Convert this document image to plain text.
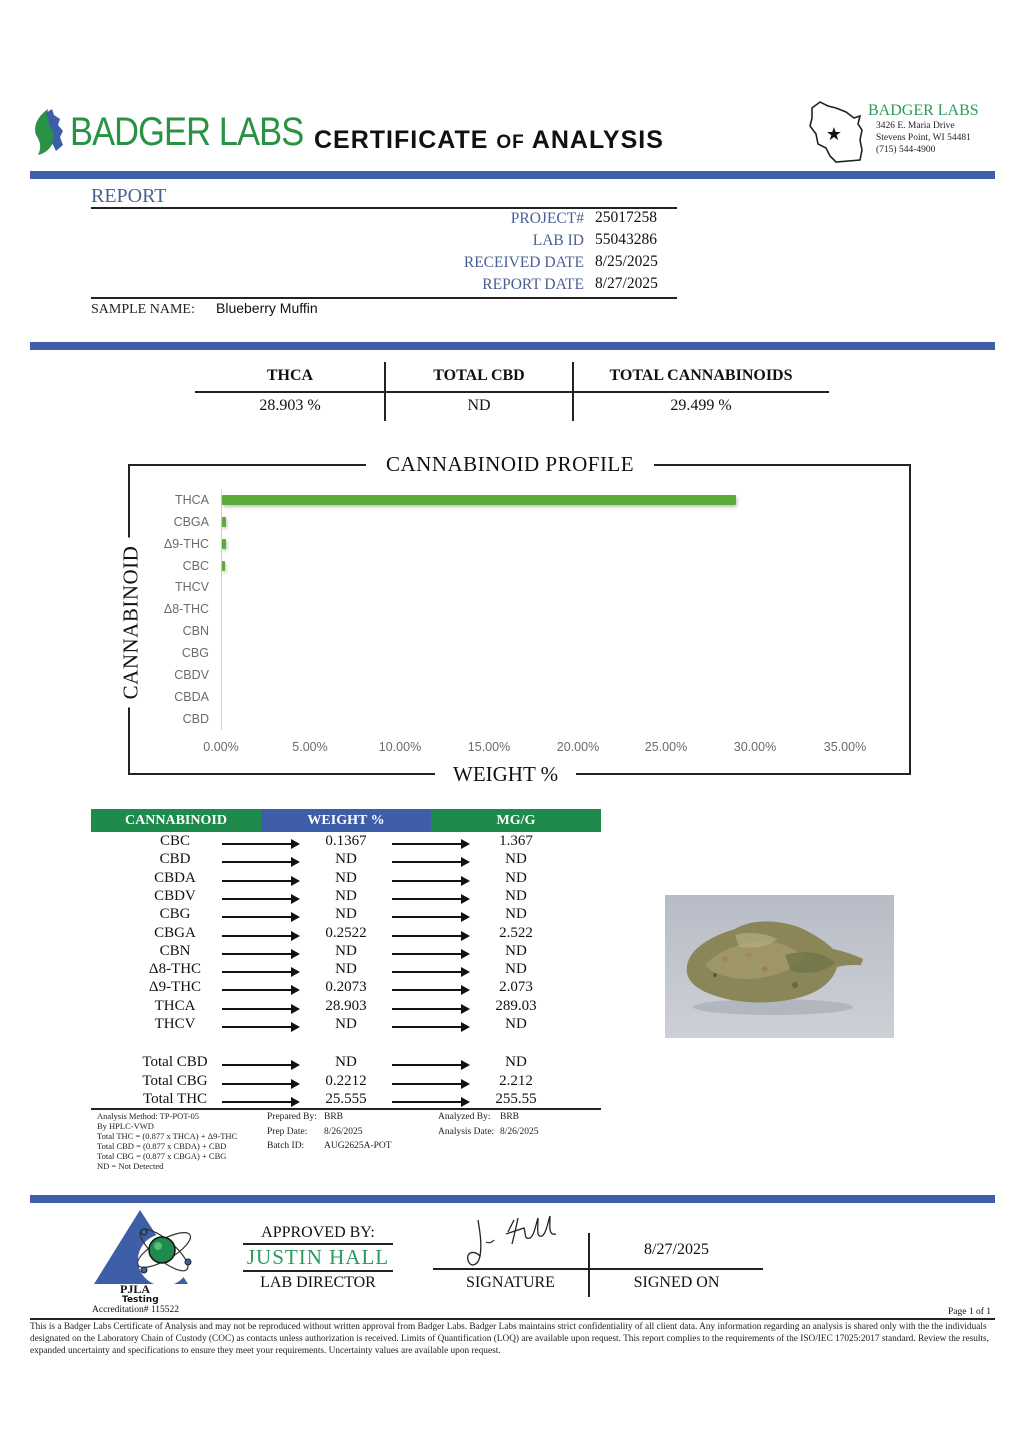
BADGER LABS CERTIFICATE OF ANALYSIS	★
BADGER LABS
3426 E. Maria Drive
Stevens Point, WI 54481
(715) 544-4900
REPORT
PROJECT# 25017258
LAB ID 55043286
RECEIVED DATE 8/25/2025
REPORT DATE 8/27/2025
SAMPLE NAME: Blueberry Muffin
THCA	TOTAL CBD	TOTAL CANNABINOIDS
28.903 %	ND	29.499 %
CANNABINOID PROFILE
WEIGHT %
CANNABINOID
THCA
CBGA
Δ9-THC
CBC
THCV
Δ8-THC
CBN
CBG
CBDV
CBDA
CBD
0.00%	5.00%	10.00%	15.00%	20.00%	25.00%	30.00%	35.00%
CANNABINOID	WEIGHT %	MG/G
CBC	0.1367	1.367
CBD	ND	ND
CBDA	ND	ND
CBDV	ND	ND
CBG	ND	ND
CBGA	0.2522	2.522
CBN	ND	ND
Δ8-THC	ND	ND
Δ9-THC	0.2073	2.073
THCA	28.903	289.03
THCV	ND	ND
Total CBD	ND	ND
Total CBG	0.2212	2.212
Total THC	25.555	255.55
Analysis Method: TP-POT-05
By HPLC-VWD
Total THC = (0.877 x THCA) + Δ9-THC
Total CBD = (0.877 x CBDA) + CBD
Total CBG = (0.877 x CBGA) + CBG
ND = Not Detected
Prepared By: BRB
Prep Date: 8/26/2025
Batch ID: AUG2625A-POT
Analyzed By: BRB
Analysis Date: 8/26/2025
PJLA
Testing
Accreditation# 115522
APPROVED BY:
JUSTIN HALL
LAB DIRECTOR	SIGNATURE
8/27/2025
SIGNED ON
Page 1 of 1
This is a Badger Labs Certificate of Analysis and may not be reproduced without written approval from Badger Labs. Badger Labs maintains strict confidentiality of all client data. Any information regarding an analysis is shared only with the the individuals designated on the Laboratory Chain of Custody (COC) as contacts unless authorization is received. Limits of Quantification (LOQ) are available upon request. This report complies to the requirements of the ISO/IEC 17025:2017 standard. Review the results, expanded uncertainty and specifications to ensure they meet your requirements. Uncertainty values are available upon request.
